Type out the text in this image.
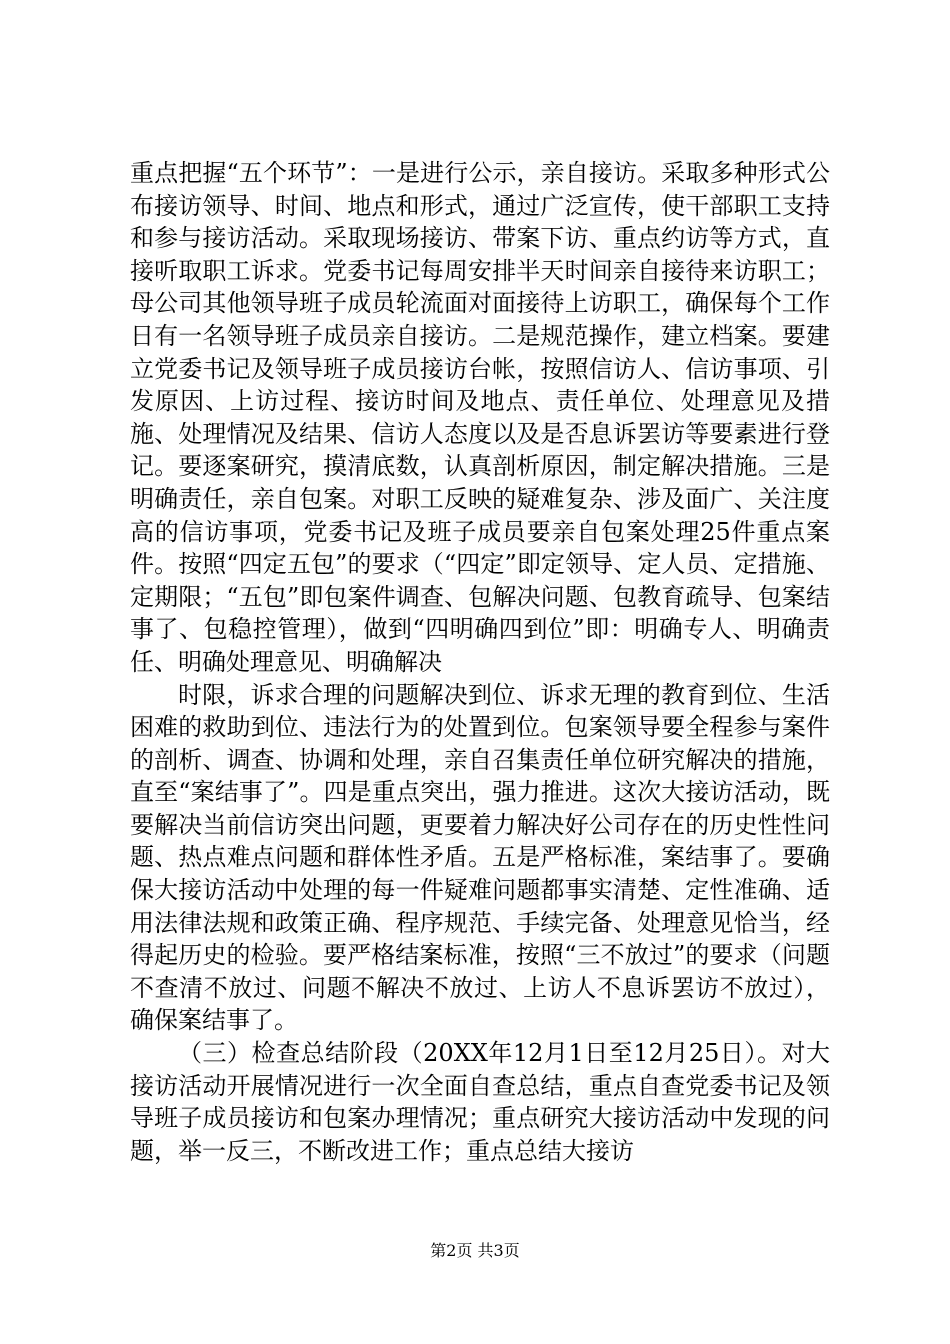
重点把握“五个环节”：一是进行公示，亲自接访。采取多种形式公布接访领导、时间、地点和形式，通过广泛宣传，使干部职工支持和参与接访活动。采取现场接访、带案下访、重点约访等方式，直接听取职工诉求。党委书记每周安排半天时间亲自接待来访职工；母公司其他领导班子成员轮流面对面接待上访职工，确保每个工作日有一名领导班子成员亲自接访。二是规范操作，建立档案。要建立党委书记及领导班子成员接访台帐，按照信访人、信访事项、引发原因、上访过程、接访时间及地点、责任单位、处理意见及措施、处理情况及结果、信访人态度以及是否息诉罢访等要素进行登记。要逐案研究，摸清底数，认真剖析原因，制定解决措施。三是明确责任，亲自包案。对职工反映的疑难复杂、涉及面广、关注度高的信访事项，党委书记及班子成员要亲自包案处理25件重点案件。按照“四定五包”的要求（“四定”即定领导、定人员、定措施、定期限；“五包”即包案件调查、包解决问题、包教育疏导、包案结事了、包稳控管理），做到“四明确四到位”即：明确专人、明确责任、明确处理意见、明确解决

时限，诉求合理的问题解决到位、诉求无理的教育到位、生活困难的救助到位、违法行为的处置到位。包案领导要全程参与案件的剖析、调查、协调和处理，亲自召集责任单位研究解决的措施，直至“案结事了”。四是重点突出，强力推进。这次大接访活动，既要解决当前信访突出问题，更要着力解决好公司存在的历史性性问题、热点难点问题和群体性矛盾。五是严格标准，案结事了。要确保大接访活动中处理的每一件疑难问题都事实清楚、定性准确、适用法律法规和政策正确、程序规范、手续完备、处理意见恰当，经得起历史的检验。要严格结案标准，按照“三不放过”的要求（问题不查清不放过、问题不解决不放过、上访人不息诉罢访不放过），确保案结事了。

（三）检查总结阶段（20XX年12月1日至12月25日）。对大接访活动开展情况进行一次全面自查总结，重点自查党委书记及领导班子成员接访和包案办理情况；重点研究大接访活动中发现的问题，举一反三，不断改进工作；重点总结大接访

第2页 共3页
